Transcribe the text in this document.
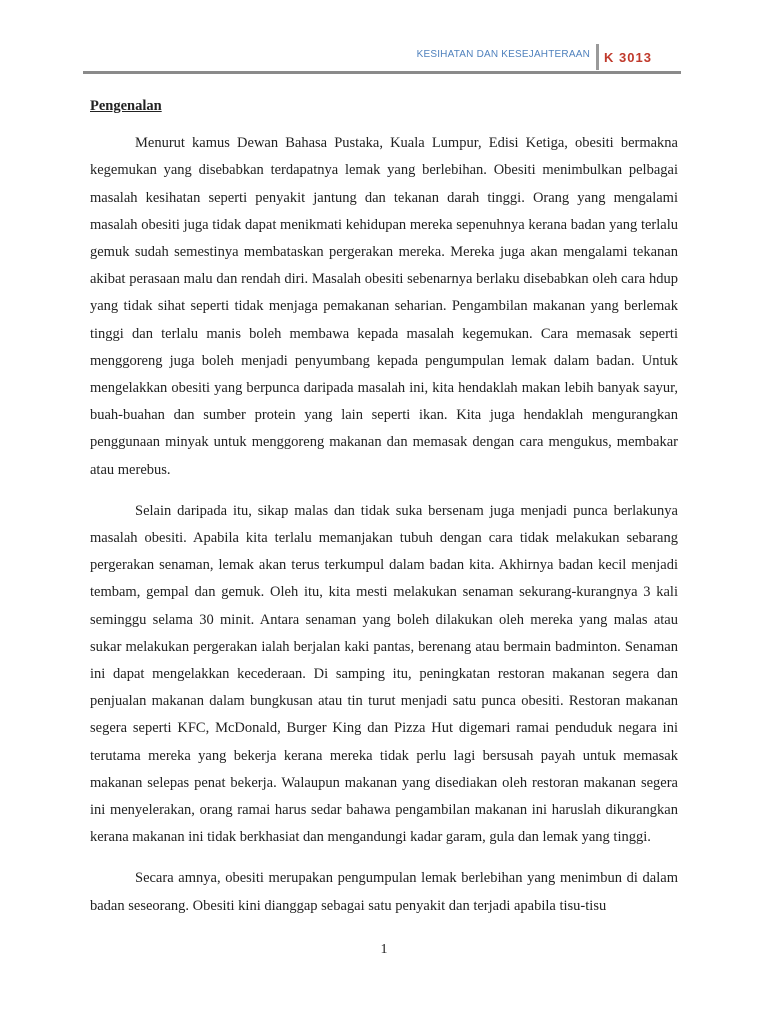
KESIHATAN DAN KESEJAHTERAAN K 3013

Pengenalan

Menurut kamus Dewan Bahasa Pustaka, Kuala Lumpur, Edisi Ketiga, obesiti bermakna kegemukan yang disebabkan terdapatnya lemak yang berlebihan. Obesiti menimbulkan pelbagai masalah kesihatan seperti penyakit jantung dan tekanan darah tinggi. Orang yang mengalami masalah obesiti juga tidak dapat menikmati kehidupan mereka sepenuhnya kerana badan yang terlalu gemuk sudah semestinya membataskan pergerakan mereka. Mereka juga akan mengalami tekanan akibat perasaan malu dan rendah diri. Masalah obesiti sebenarnya berlaku disebabkan oleh cara hdup yang tidak sihat seperti tidak menjaga pemakanan seharian. Pengambilan makanan yang berlemak tinggi dan terlalu manis boleh membawa kepada masalah kegemukan. Cara memasak seperti menggoreng juga boleh menjadi penyumbang kepada pengumpulan lemak dalam badan. Untuk mengelakkan obesiti yang berpunca daripada masalah ini, kita hendaklah makan lebih banyak sayur, buah-buahan dan sumber protein yang lain seperti ikan. Kita juga hendaklah mengurangkan penggunaan minyak untuk menggoreng makanan dan memasak dengan cara mengukus, membakar atau merebus.

Selain daripada itu, sikap malas dan tidak suka bersenam juga menjadi punca berlakunya masalah obesiti. Apabila kita terlalu memanjakan tubuh dengan cara tidak melakukan sebarang pergerakan senaman, lemak akan terus terkumpul dalam badan kita. Akhirnya badan kecil menjadi tembam, gempal dan gemuk. Oleh itu, kita mesti melakukan senaman sekurang-kurangnya 3 kali seminggu selama 30 minit. Antara senaman yang boleh dilakukan oleh mereka yang malas atau sukar melakukan pergerakan ialah berjalan kaki pantas, berenang atau bermain badminton. Senaman ini dapat mengelakkan kecederaan. Di samping itu, peningkatan restoran makanan segera dan penjualan makanan dalam bungkusan atau tin turut menjadi satu punca obesiti. Restoran makanan segera seperti KFC, McDonald, Burger King dan Pizza Hut digemari ramai penduduk negara ini terutama mereka yang bekerja kerana mereka tidak perlu lagi bersusah payah untuk memasak makanan selepas penat bekerja. Walaupun makanan yang disediakan oleh restoran makanan segera ini menyelerakan, orang ramai harus sedar bahawa pengambilan makanan ini haruslah dikurangkan kerana makanan ini tidak berkhasiat dan mengandungi kadar garam, gula dan lemak yang tinggi.

Secara amnya, obesiti merupakan pengumpulan lemak berlebihan yang menimbun di dalam badan seseorang. Obesiti kini dianggap sebagai satu penyakit dan terjadi apabila tisu-tisu

1
